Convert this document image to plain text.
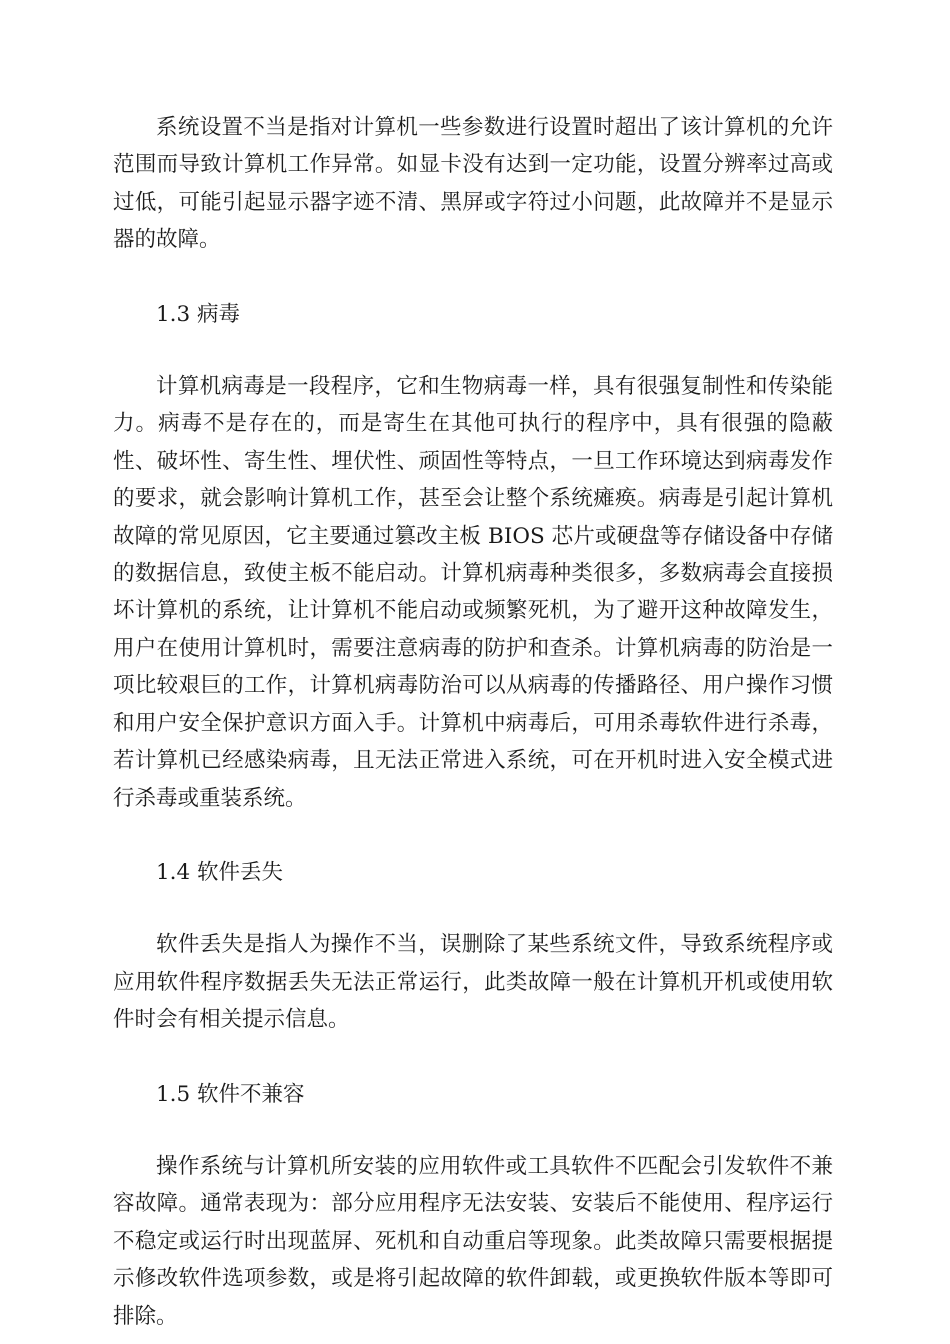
系统设置不当是指对计算机一些参数进行设置时超出了该计算机的允许范围而导致计算机工作异常。如显卡没有达到一定功能，设置分辨率过高或过低，可能引起显示器字迹不清、黑屏或字符过小问题，此故障并不是显示器的故障。

1.3 病毒

计算机病毒是一段程序，它和生物病毒一样，具有很强复制性和传染能力。病毒不是存在的，而是寄生在其他可执行的程序中，具有很强的隐蔽性、破坏性、寄生性、埋伏性、顽固性等特点，一旦工作环境达到病毒发作的要求，就会影响计算机工作，甚至会让整个系统瘫痪。病毒是引起计算机故障的常见原因，它主要通过篡改主板 BIOS 芯片或硬盘等存储设备中存储的数据信息，致使主板不能启动。计算机病毒种类很多，多数病毒会直接损坏计算机的系统，让计算机不能启动或频繁死机，为了避开这种故障发生，用户在使用计算机时，需要注意病毒的防护和查杀。计算机病毒的防治是一项比较艰巨的工作，计算机病毒防治可以从病毒的传播路径、用户操作习惯和用户安全保护意识方面入手。计算机中病毒后，可用杀毒软件进行杀毒，若计算机已经感染病毒，且无法正常进入系统，可在开机时进入安全模式进行杀毒或重装系统。

1.4 软件丢失

软件丢失是指人为操作不当，误删除了某些系统文件，导致系统程序或应用软件程序数据丢失无法正常运行，此类故障一般在计算机开机或使用软件时会有相关提示信息。

1.5 软件不兼容

操作系统与计算机所安装的应用软件或工具软件不匹配会引发软件不兼容故障。通常表现为：部分应用程序无法安装、安装后不能使用、程序运行不稳定或运行时出现蓝屏、死机和自动重启等现象。此类故障只需要根据提示修改软件选项参数，或是将引起故障的软件卸载，或更换软件版本等即可排除。
